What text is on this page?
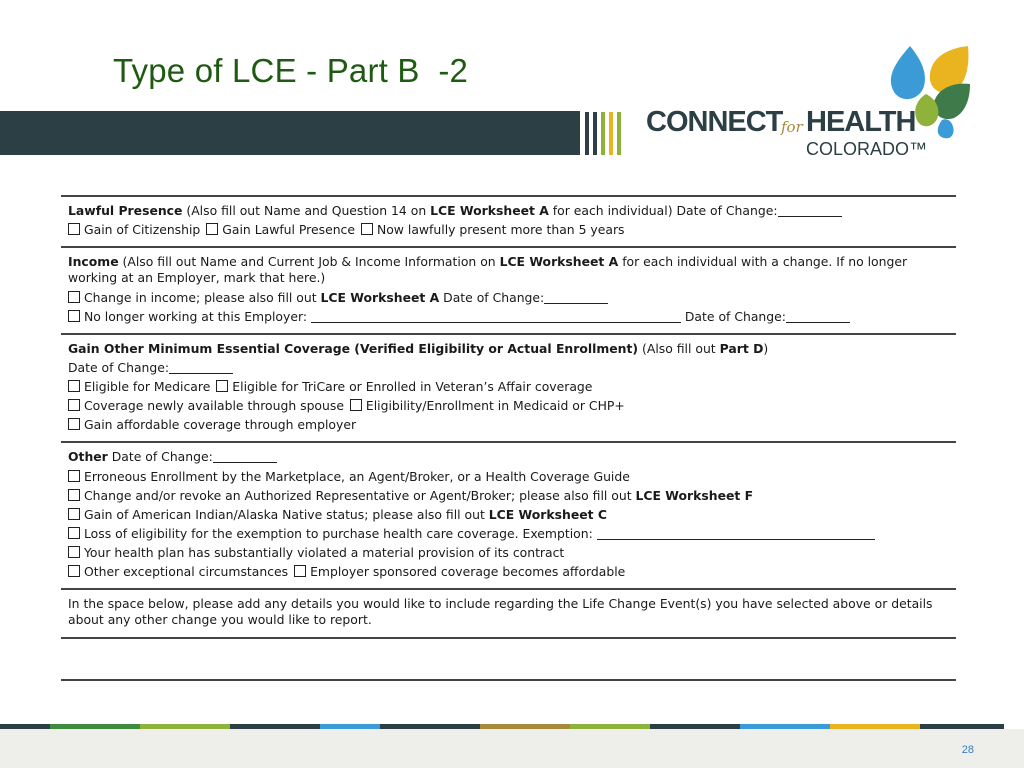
Type of LCE - Part B  -2
CONNECT
for HEALTH
COLORADO™
Lawful Presence (Also fill out Name and Question 14 on LCE Worksheet A for each individual) Date of Change:
Gain of Citizenship Gain Lawful Presence Now lawfully present more than 5 years
Income (Also fill out Name and Current Job & Income Information on LCE Worksheet A for each individual with a change. If no longer working at an Employer, mark that here.)
Change in income; please also fill out LCE Worksheet A Date of Change:
No longer working at this Employer:	Date of Change:
Gain Other Minimum Essential Coverage (Verified Eligibility or Actual Enrollment) (Also fill out Part D)
Date of Change:
Eligible for Medicare Eligible for TriCare or Enrolled in Veteran’s Affair coverage
Coverage newly available through spouse Eligibility/Enrollment in Medicaid or CHP+
Gain affordable coverage through employer
Other Date of Change:
Erroneous Enrollment by the Marketplace, an Agent/Broker, or a Health Coverage Guide
Change and/or revoke an Authorized Representative or Agent/Broker; please also fill out LCE Worksheet F
Gain of American Indian/Alaska Native status; please also fill out LCE Worksheet C
Loss of eligibility for the exemption to purchase health care coverage. Exemption:
Your health plan has substantially violated a material provision of its contract
Other exceptional circumstances Employer sponsored coverage becomes affordable
In the space below, please add any details you would like to include regarding the Life Change Event(s) you have selected above or details about any other change you would like to report.
28
